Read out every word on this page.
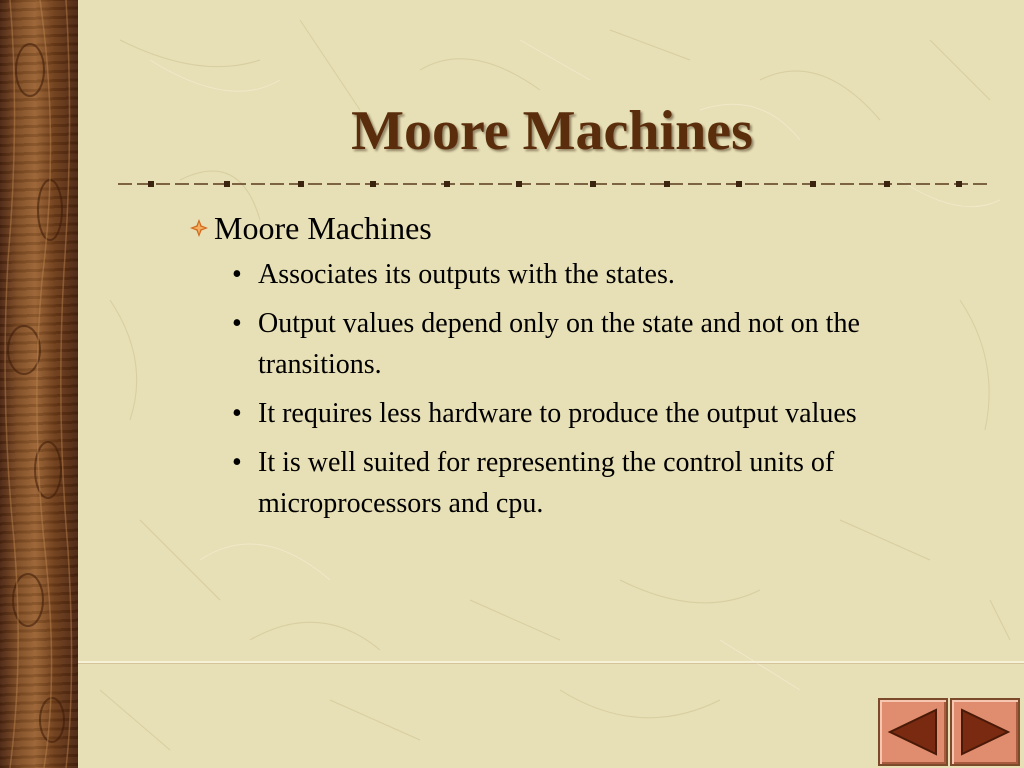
Moore Machines

Moore Machines

• Associates its outputs with the states.
• Output values depend only on the state and not on the transitions.
• It requires less hardware to produce the output values
• It is well suited for representing the control units of microprocessors and cpu.
